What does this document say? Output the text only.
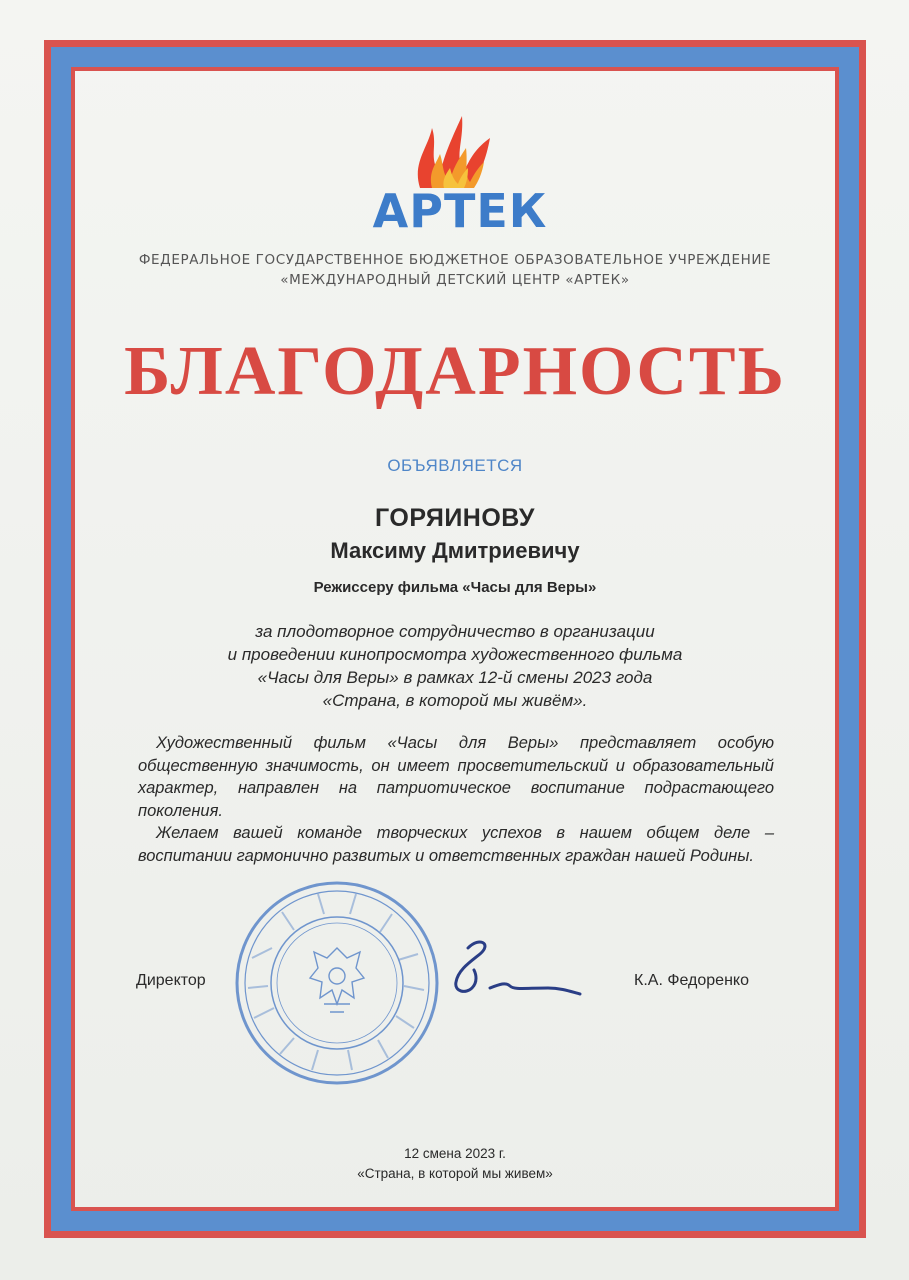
АРТЕК
ФЕДЕРАЛЬНОЕ ГОСУДАРСТВЕННОЕ БЮДЖЕТНОЕ ОБРАЗОВАТЕЛЬНОЕ УЧРЕЖДЕНИЕ
«МЕЖДУНАРОДНЫЙ ДЕТСКИЙ ЦЕНТР «АРТЕК»
БЛАГОДАРНОСТЬ
ОБЪЯВЛЯЕТСЯ
ГОРЯИНОВУ
Максиму Дмитриевичу
Режиссеру фильма «Часы для Веры»
за плодотворное сотрудничество в организации
и проведении кинопросмотра художественного фильма
«Часы для Веры» в рамках 12-й смены 2023 года
«Страна, в которой мы живём».

Художественный фильм «Часы для Веры» представляет особую общественную значимость, он имеет просветительский и образовательный характер, направлен на патриотическое воспитание подрастающего поколения.

Желаем вашей команде творческих успехов в нашем общем деле – воспитании гармонично развитых и ответственных граждан нашей Родины.

Директор	К.А. Федоренко
12 смена 2023 г.
«Страна, в которой мы живем»
